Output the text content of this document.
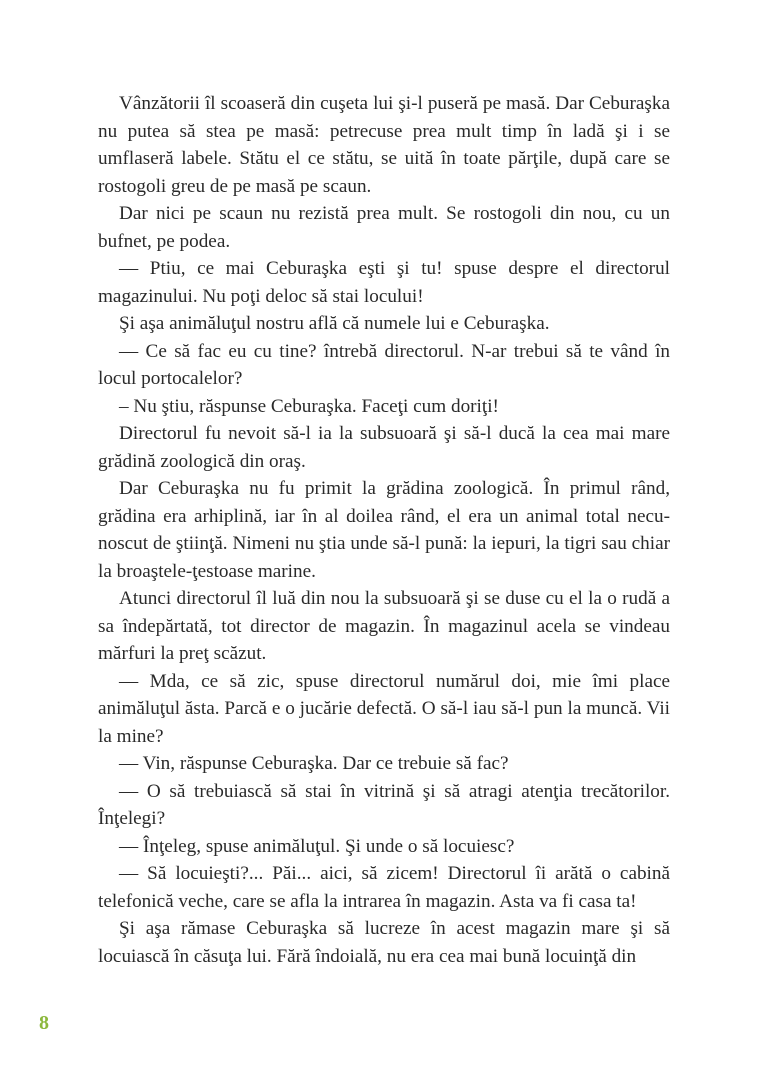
Vânzătorii îl scoaseră din cuşeta lui şi-l puseră pe masă. Dar Ceburaşka nu putea să stea pe masă: petrecuse prea mult timp în ladă şi i se umflaseră labele. Stătu el ce stătu, se uită în toate părţile, după care se rostogoli greu de pe masă pe scaun.

Dar nici pe scaun nu rezistă prea mult. Se rostogoli din nou, cu un bufnet, pe podea.

— Ptiu, ce mai Ceburaşka eşti şi tu! spuse despre el directorul magazinului. Nu poţi deloc să stai locului!

Şi aşa animăluţul nostru află că numele lui e Ceburaşka.

— Ce să fac eu cu tine? întrebă directorul. N-ar trebui să te vând în locul portocalelor?

– Nu ştiu, răspunse Ceburaşka. Faceţi cum doriţi!

Directorul fu nevoit să-l ia la subsuoară şi să-l ducă la cea mai mare grădină zoologică din oraş.

Dar Ceburaşka nu fu primit la grădina zoologică. În primul rând, grădina era arhiplină, iar în al doilea rând, el era un animal total necunoscut de ştiinţă. Nimeni nu ştia unde să-l pună: la iepuri, la tigri sau chiar la broaştele-ţestoase marine.

Atunci directorul îl luă din nou la subsuoară şi se duse cu el la o rudă a sa îndepărtată, tot director de magazin. În magazinul acela se vindeau mărfuri la preţ scăzut.

— Mda, ce să zic, spuse directorul numărul doi, mie îmi place animăluţul ăsta. Parcă e o jucărie defectă. O să-l iau să-l pun la muncă. Vii la mine?

— Vin, răspunse Ceburaşka. Dar ce trebuie să fac?

— O să trebuiască să stai în vitrină şi să atragi atenţia trecătorilor. Înţelegi?

— Înţeleg, spuse animăluţul. Şi unde o să locuiesc?

— Să locuieşti?... Păi... aici, să zicem! Directorul îi arătă o cabină telefonică veche, care se afla la intrarea în magazin. Asta va fi casa ta!

Şi aşa rămase Ceburaşka să lucreze în acest magazin mare şi să locuiască în căsuţa lui. Fără îndoială, nu era cea mai bună locuinţă din

8
